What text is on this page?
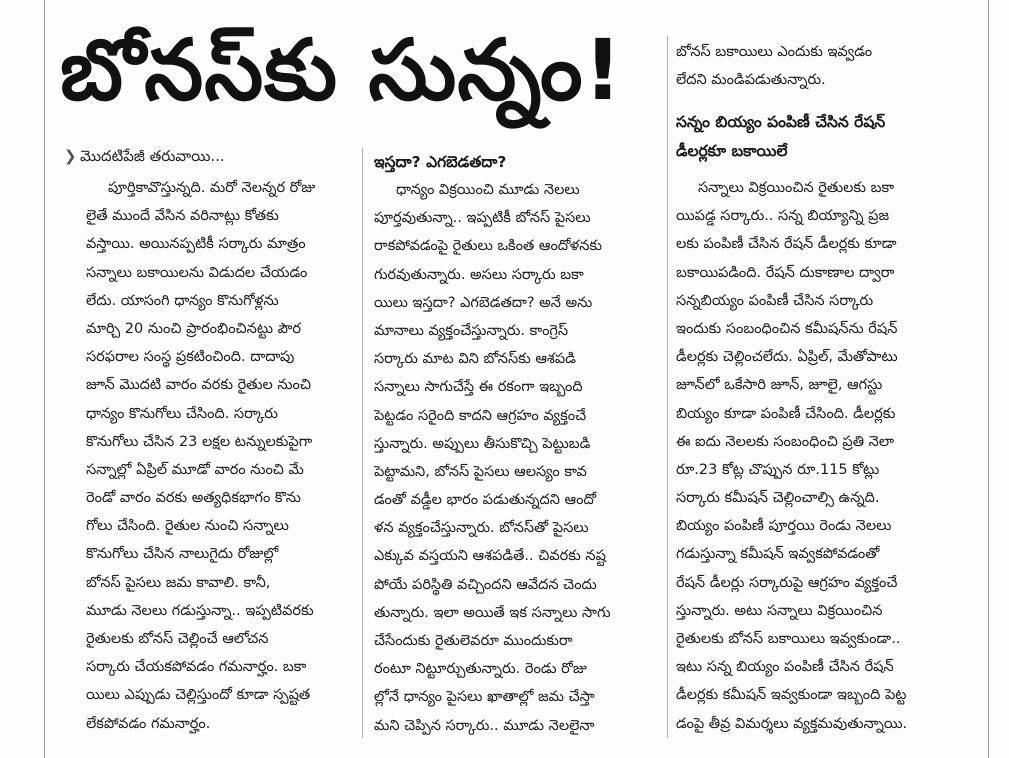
బోనస్‌కు సున్నం!
❯ మొదటిపేజీ తరువాయి...
పూర్తికావొస్తున్నది. మరో నెలన్నర రోజు
లైతే ముందే వేసిన వరినాట్లు కోతకు
వస్తాయి. అయినప్పటికీ సర్కారు మాత్రం
సన్నాలు బకాయిలను విడుదల చేయడం
లేదు. యాసంగి ధాన్యం కొనుగోళ్లను
మార్చి 20 నుంచి ప్రారంభించినట్టు పౌర
సరఫరాల సంస్థ ప్రకటించింది. దాదాపు
జూన్ మొదటి వారం వరకు రైతుల నుంచి
ధాన్యం కొనుగోలు చేసింది. సర్కారు
కొనుగోలు చేసిన 23 లక్షల టన్నులకుపైగా
సన్నాల్లో ఏప్రిల్ మూడో వారం నుంచి మే
రెండో వారం వరకు అత్యధికభాగం కొను
గోలు చేసింది. రైతుల నుంచి సన్నాలు
కొనుగోలు చేసిన నాలుగైదు రోజుల్లో
బోనస్ పైసలు జమ కావాలి. కానీ,
మూడు నెలలు గడుస్తున్నా.. ఇప్పటివరకు
రైతులకు బోనస్ చెల్లించే ఆలోచన
సర్కారు చేయకపోవడం గమనార్హం. బకా
యిలు ఎప్పుడు చెల్లిస్తుందో కూడా స్పష్టత
లేకపోవడం గమనార్హం.
ఇస్తదా? ఎగబెడతదా?
ధాన్యం విక్రయించి మూడు నెలలు
పూర్తవుతున్నా.. ఇప్పటికీ బోనస్ పైసలు
రాకపోవడంపై రైతులు ఒకింత ఆందోళనకు
గురవుతున్నారు. అసలు సర్కారు బకా
యిలు ఇస్తదా? ఎగబెడతదా? అనే అను
మానాలు వ్యక్తంచేస్తున్నారు. కాంగ్రెస్
సర్కారు మాట విని బోనస్‌కు ఆశపడి
సన్నాలు సాగుచేస్తే ఈ రకంగా ఇబ్బంది
పెట్టడం సరైంది కాదని ఆగ్రహం వ్యక్తంచే
స్తున్నారు. అప్పులు తీసుకొచ్చి పెట్టుబడి
పెట్టామని, బోనస్ పైసలు ఆలస్యం కావ
డంతో వడ్డీల భారం పడుతున్నదని ఆందో
ళన వ్యక్తంచేస్తున్నారు. బోనస్‌తో పైసలు
ఎక్కువ వస్తయని ఆశపడితే.. చివరకు నష్ట
పోయే పరిస్థితి వచ్చిందని ఆవేదన చెందు
తున్నారు. ఇలా అయితే ఇక సన్నాలు సాగు
చేసేందుకు రైతులెవరూ ముందుకురా
రంటూ నిట్టూర్చుతున్నారు. రెండు రోజు
ల్లోనే ధాన్యం పైసలు ఖాతాల్లో జమ చేస్తా
మని చెప్పిన సర్కారు.. మూడు నెలలైనా
బోనస్ బకాయిలు ఎందుకు ఇవ్వడం
లేదని మండిపడుతున్నారు.
సన్నం బియ్యం పంపిణీ చేసిన రేషన్
డీలర్లకూ బకాయిలే
సన్నాలు విక్రయించిన రైతులకు బకా
యిపడ్డ సర్కారు.. సన్న బియ్యాన్ని ప్రజ
లకు పంపిణీ చేసిన రేషన్ డీలర్లకు కూడా
బకాయిపడింది. రేషన్ దుకాణాల ద్వారా
సన్నబియ్యం పంపిణీ చేసిన సర్కారు
ఇందుకు సంబంధించిన కమీషన్‌ను రేషన్
డీలర్లకు చెల్లించలేదు. ఏప్రిల్, మేతోపాటు
జూన్‌లో ఒకేసారి జూన్, జూలై, ఆగస్టు
బియ్యం కూడా పంపిణీ చేసింది. డీలర్లకు
ఈ ఐదు నెలలకు సంబంధించి ప్రతి నెలా
రూ.23 కోట్ల చొప్పున రూ.115 కోట్లు
సర్కారు కమీషన్ చెల్లించాల్సి ఉన్నది.
బియ్యం పంపిణీ పూర్తయి రెండు నెలలు
గడుస్తున్నా కమీషన్ ఇవ్వకపోవడంతో
రేషన్ డీలర్లు సర్కారుపై ఆగ్రహం వ్యక్తంచే
స్తున్నారు. అటు సన్నాలు విక్రయించిన
రైతులకు బోనస్ బకాయిలు ఇవ్వకుండా..
ఇటు సన్న బియ్యం పంపిణీ చేసిన రేషన్
డీలర్లకు కమీషన్ ఇవ్వకుండా ఇబ్బంది పెట్ట
డంపై తీవ్ర విమర్శలు వ్యక్తమవుతున్నాయి.
